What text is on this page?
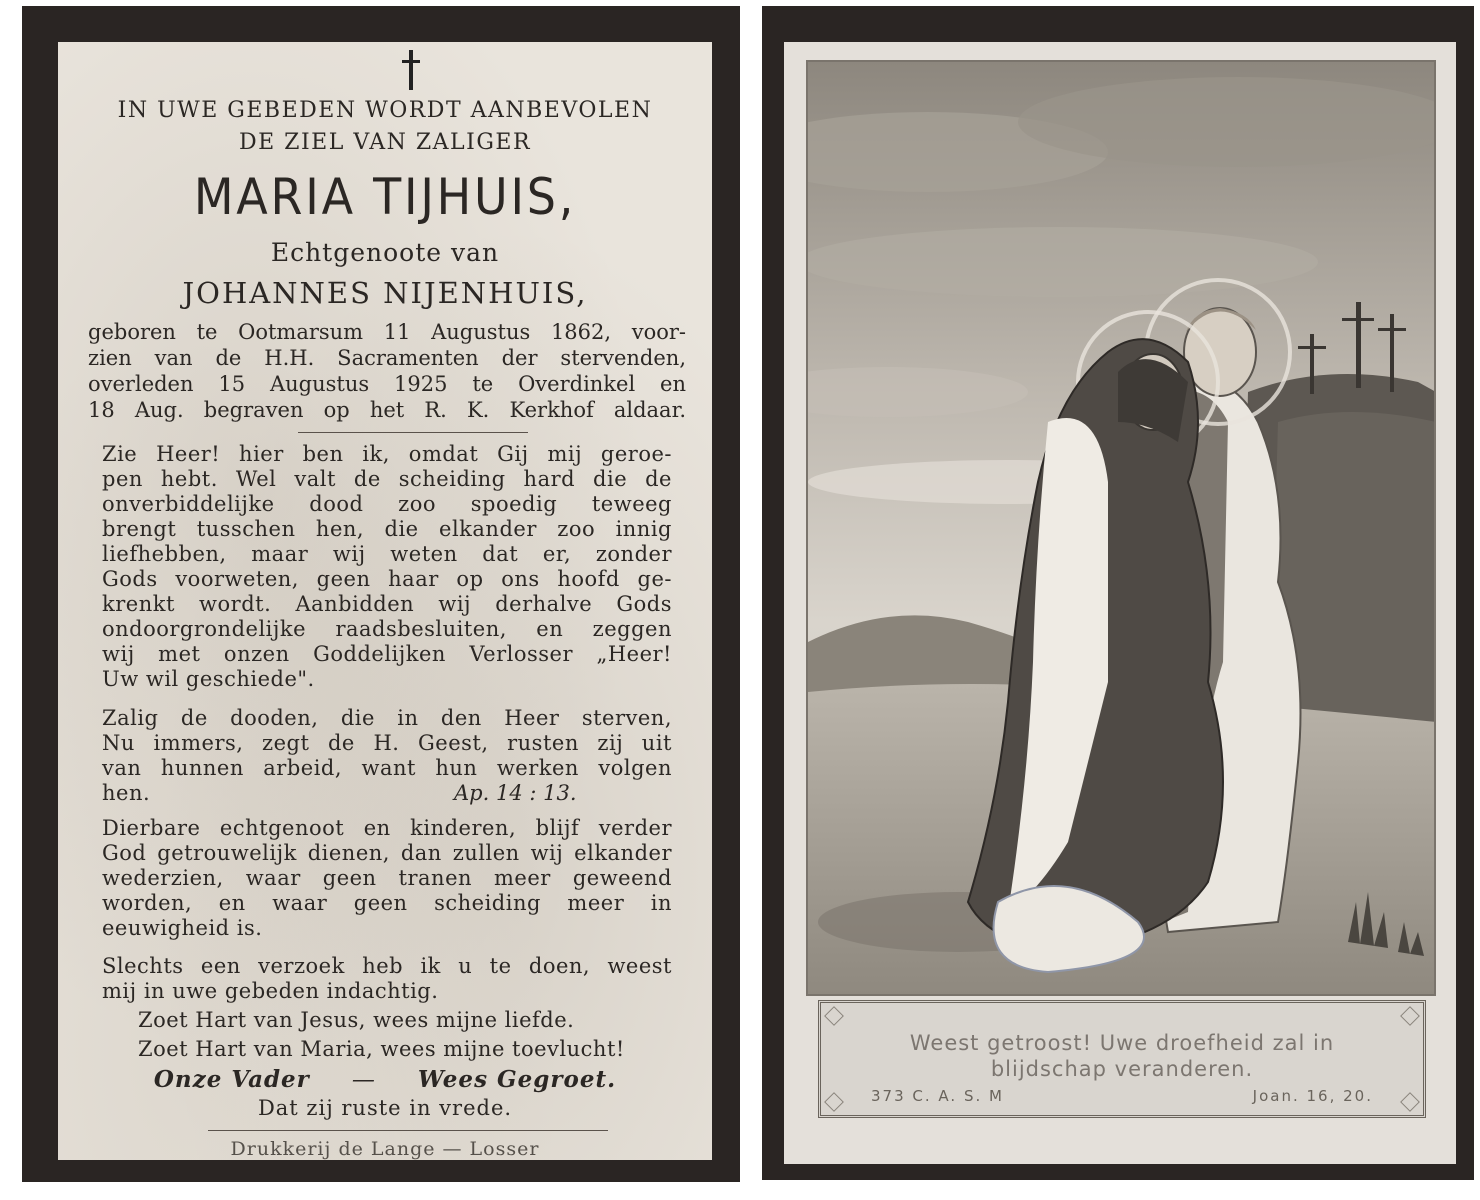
IN UWE GEBEDEN WORDT AANBEVOLEN
DE ZIEL VAN ZALIGER
MARIA TIJHUIS,
Echtgenoote van
JOHANNES NIJENHUIS,
geboren te Ootmarsum 11 Augustus 1862, voor-
zien van de H.H. Sacramenten der stervenden,
overleden 15 Augustus 1925 te Overdinkel en
18 Aug. begraven op het R. K. Kerkhof aldaar.
Zie Heer! hier ben ik, omdat Gij mij geroe-
pen hebt. Wel valt de scheiding hard die de
onverbiddelijke dood zoo spoedig teweeg
brengt tusschen hen, die elkander zoo innig
liefhebben, maar wij weten dat er, zonder
Gods voorweten, geen haar op ons hoofd ge-
krenkt wordt. Aanbidden wij derhalve Gods
ondoorgrondelijke raadsbesluiten, en zeggen
wij met onzen Goddelijken Verlosser „Heer!
Uw wil geschiede".
Zalig de dooden, die in den Heer sterven,
Nu immers, zegt de H. Geest, rusten zij uit
van hunnen arbeid, want hun werken volgen
hen.	Ap. 14 : 13.
Dierbare echtgenoot en kinderen, blijf verder
God getrouwelijk dienen, dan zullen wij elkander
wederzien, waar geen tranen meer geweend
worden, en waar geen scheiding meer in
eeuwigheid is.
Slechts een verzoek heb ik u te doen, weest
mij in uwe gebeden indachtig.
Zoet Hart van Jesus, wees mijne liefde.
Zoet Hart van Maria, wees mijne toevlucht!
Onze Vader — Wees Gegroet.
Dat zij ruste in vrede.
Drukkerij de Lange — Losser
Weest getroost! Uwe droefheid zal in
blijdschap veranderen.
373 C. A. S. M	Joan. 16, 20.
